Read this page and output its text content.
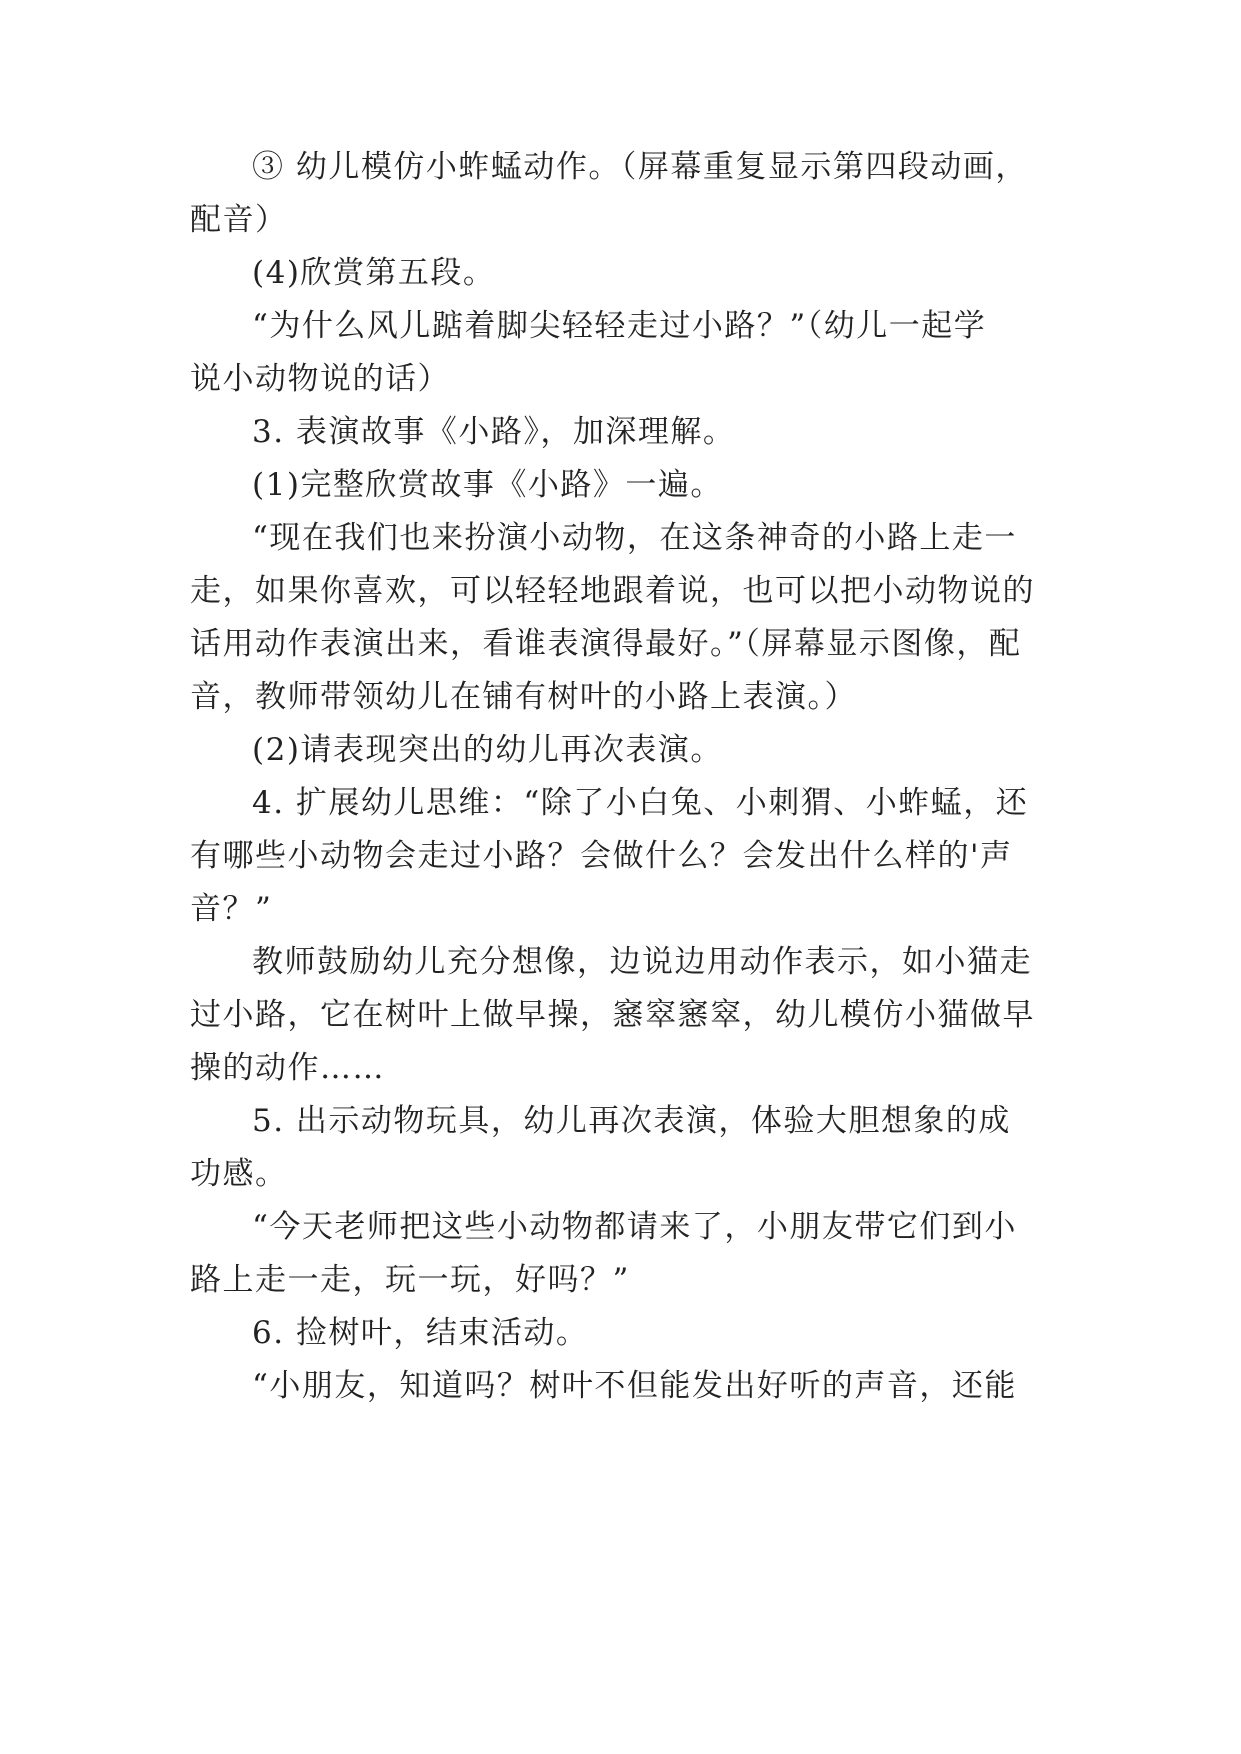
③ 幼儿模仿小蚱蜢动作。（屏幕重复显示第四段动画，

配音）

(4)欣赏第五段。

“为什么风儿踮着脚尖轻轻走过小路？”（幼儿一起学

说小动物说的话）

3. 表演故事《小路》，加深理解。

(1)完整欣赏故事《小路》一遍。

“现在我们也来扮演小动物，在这条神奇的小路上走一

走，如果你喜欢，可以轻轻地跟着说，也可以把小动物说的

话用动作表演出来，看谁表演得最好。”（屏幕显示图像，配

音，教师带领幼儿在铺有树叶的小路上表演。）

(2)请表现突出的幼儿再次表演。

4. 扩展幼儿思维：“除了小白兔、小刺猬、小蚱蜢，还

有哪些小动物会走过小路？会做什么？会发出什么样的'声

音？”

教师鼓励幼儿充分想像，边说边用动作表示，如小猫走

过小路，它在树叶上做早操，窸窣窸窣，幼儿模仿小猫做早

操的动作……

5. 出示动物玩具，幼儿再次表演，体验大胆想象的成

功感。

“今天老师把这些小动物都请来了，小朋友带它们到小

路上走一走，玩一玩，好吗？”

6. 捡树叶，结束活动。

“小朋友，知道吗？树叶不但能发出好听的声音，还能
